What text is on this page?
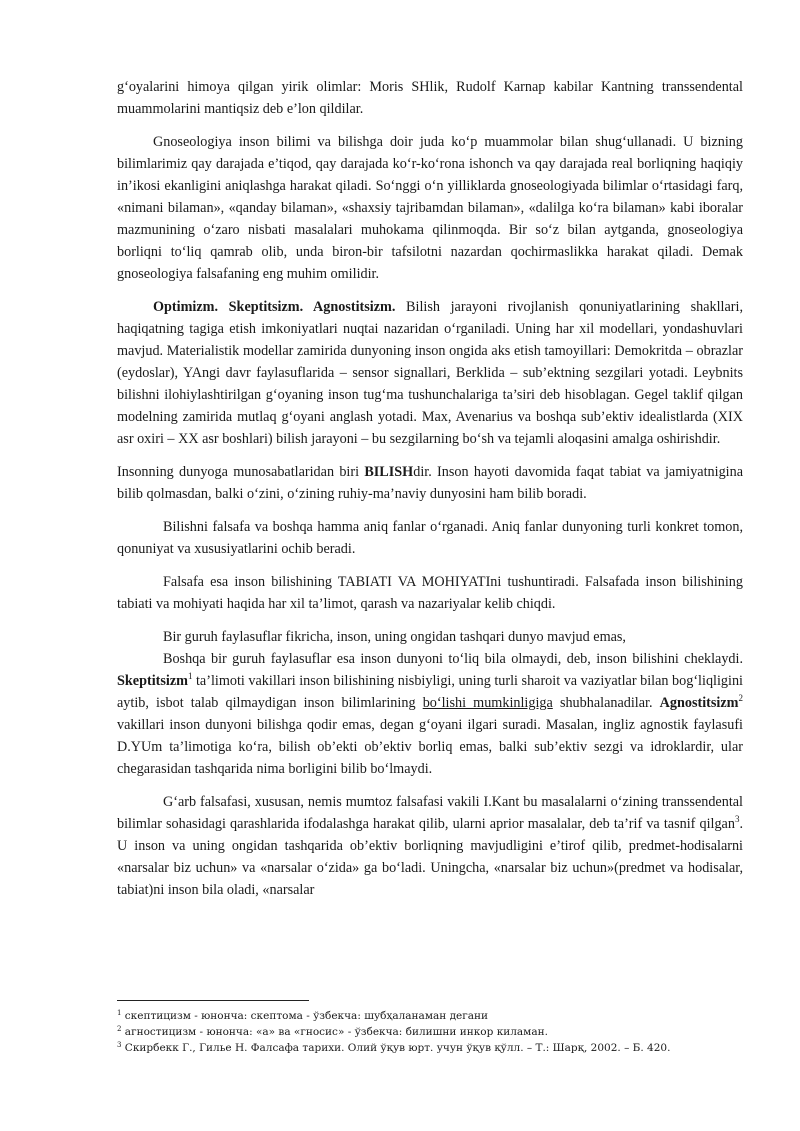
g‘oyalarini himoya qilgan yirik olimlar: Moris SHlik, Rudolf Karnap kabilar Kantning transsendental muammolarini mantiqsiz deb e’lon qildilar.

Gnoseologiya inson bilimi va bilishga doir juda ko‘p muammolar bilan shug‘ullanadi. U bizning bilimlarimiz qay darajada e’tiqod, qay darajada ko‘r-ko‘rona ishonch va qay darajada real borliqning haqiqiy in’ikosi ekanligini aniqlashga harakat qiladi. So‘nggi o‘n yilliklarda gnoseologiyada bilimlar o‘rtasidagi farq, «nimani bilaman», «qanday bilaman», «shaxsiy tajribamdan bilaman», «dalilga ko‘ra bilaman» kabi iboralar mazmunining o‘zaro nisbati masalalari muhokama qilinmoqda. Bir so‘z bilan aytganda, gnoseologiya borliqni to‘liq qamrab olib, unda biron-bir tafsilotni nazardan qochirmaslikka harakat qiladi. Demak gnoseologiya falsafaning eng muhim omilidir.

Optimizm. Skeptitsizm. Agnostitsizm. Bilish jarayoni rivojlanish qonuniyatlarining shakllari, haqiqatning tagiga etish imkoniyatlari nuqtai nazaridan o‘rganiladi. Uning har xil modellari, yondashuvlari mavjud. Materialistik modellar zamirida dunyoning inson ongida aks etish tamoyillari: Demokritda – obrazlar (eydoslar), YAngi davr faylasuflarida – sensor signallari, Berklida – sub’ektning sezgilari yotadi. Leybnits bilishni ilohiylashtirilgan g‘oyaning inson tug‘ma tushunchalariga ta’siri deb hisoblagan. Gegel taklif qilgan modelning zamirida mutlaq g‘oyani anglash yotadi. Max, Avenarius va boshqa sub’ektiv idealistlarda (XIX asr oxiri – XX asr boshlari) bilish jarayoni – bu sezgilarning bo‘sh va tejamli aloqasini amalga oshirishdir.

Insonning dunyoga munosabatlaridan biri BILISHdir. Inson hayoti davomida faqat tabiat va jamiyatnigina bilib qolmasdan, balki o‘zini, o‘zining ruhiy-ma’naviy dunyosini ham bilib boradi.

Bilishni falsafa va boshqa hamma aniq fanlar o‘rganadi. Aniq fanlar dunyoning turli konkret tomon, qonuniyat va xususiyatlarini ochib beradi.

Falsafa esa inson bilishining TABIATI VA MOHIYATIni tushuntiradi. Falsafada inson bilishining tabiati va mohiyati haqida har xil ta’limot, qarash va nazariyalar kelib chiqdi.

Bir guruh faylasuflar fikricha, inson, uning ongidan tashqari dunyo mavjud emas,

Boshqa bir guruh faylasuflar esa inson dunyoni to‘liq bila olmaydi, deb, inson bilishini cheklaydi. Skeptitsizm$^1$ ta’limoti vakillari inson bilishining nisbiyligi, uning turli sharoit va vaziyatlar bilan bog‘liqligini aytib, isbot talab qilmaydigan inson bilimlarining bo‘lishi mumkinligiga shubhalanadilar. Agnostitsizm$^2$ vakillari inson dunyoni bilishga qodir emas, degan g‘oyani ilgari suradi. Masalan, ingliz agnostik faylasufi D.YUm ta’limotiga ko‘ra, bilish ob’ekti ob’ektiv borliq emas, balki sub’ektiv sezgi va idroklardir, ular chegarasidan tashqarida nima borligini bilib bo‘lmaydi.

G‘arb falsafasi, xususan, nemis mumtoz falsafasi vakili I.Kant bu masalalarni o‘zining transsendental bilimlar sohasidagi qarashlarida ifodalashga harakat qilib, ularni aprior masalalar, deb ta’rif va tasnif qilgan$^3$. U inson va uning ongidan tashqarida ob’ektiv borliqning mavjudligini e’tirof qilib, predmet-hodisalarni «narsalar biz uchun» va «narsalar o‘zida» ga bo‘ladi. Uningcha, «narsalar biz uchun»(predmet va hodisalar, tabiat)ni inson bila oladi, «narsalar

$^1$ скептицизм - юнонча: скептома - ўзбекча: шубҳаланаман дегани
$^2$ агностицизм - юнонча: «а» ва «гносис» - ўзбекча: билишни инкор киламан.
$^3$ Скирбекк Г., Гилье Н. Фалсафа тарихи. Олий ўқув юрт. учун ўқув қўлл. – Т.: Шарқ, 2002. – Б. 420.
